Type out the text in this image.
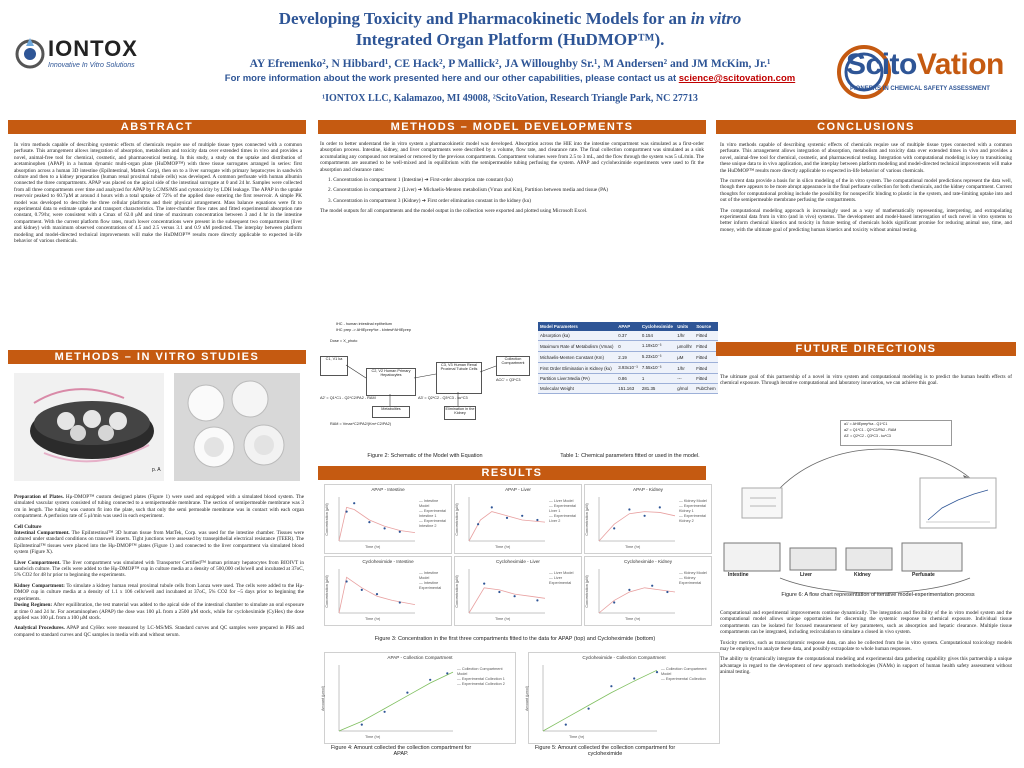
IONTOX
Innovative In Vitro Solutions
Developing Toxicity and Pharmacokinetic Models for an in vitro
Integrated Organ Platform (HuDMOP™).
AY Efremenko², N Hibbard¹, CE Hack², P Mallick², JA Willoughby Sr.¹, M Andersen² and JM McKim, Jr.¹
For more information about the work presented here and our other capabilities, please contact us at science@scitovation.com
¹IONTOX LLC, Kalamazoo, MI 49008, ²ScitoVation, Research Triangle Park, NC 27713
ScitoVation
PIONEERS IN CHEMICAL SAFETY ASSESSMENT
ABSTRACT
In vitro methods capable of describing systemic effects of chemicals require use of multiple tissue types connected with a common perfusate. This arrangement allows integration of absorption, metabolism and toxicity data over extended times in vivo and provides a novel, animal-free tool for chemical, cosmetic, and pharmaceutical testing. In this study, a study on the uptake and distribution of acetaminophen (APAP) in a human dynamic multi-organ plate (HuDMOP™) with three tissue surrogates arranged in series: first absorption across a human 3D intestine (EpiIntestinal, Mattek Corp), then on to a liver surrogate with primary hepatocytes in sandwich culture and then to a kidney preparation (human renal proximal tubule cells) was developed. A common perfusate with human albumin connected the three compartments. APAP was placed on the apical side of the intestinal surrogate at 0 and 24 hr. Samples were collected from all three compartments over time and analyzed for APAP by LC/MS/MS and cytotoxicity by LDH leakage. The APAP in the uptake reservoir peaked to 60.7μM at around 4 hours with a total uptake of 72% of the applied dose entering the first reservoir. A simple PK model was developed to describe the three cellular platforms and their physical arrangement. Mass balance equations were fit to experimental data to estimate uptake and transport characteristics. The inter-chamber flow rates and fitted experimental absorption rate constant, 0.79/hr, were consistent with a Cmax of 62.0 μM and time of maximum concentration between 3 and 4 hr in the intestine compartment. With the current platform flow rates, much lower concentrations were present in the subsequent two compartments (liver and kidney) with maximum observed concentrations of 4.5 and 2.5 versus 3.1 and 0.9 uM predicted. The interplay between platform modeling and model-directed technical improvements will make the HuDMOP™ results more directly applicable to expected in-life behavior of various chemicals.
METHODS – IN VITRO STUDIES
p. A

Preparation of Plates. Hμ-DMOP™ custom designed plates (Figure 1) were used and equipped with a simulated blood system. The simulated vascular system consisted of tubing connected to a semipermeable membrane. The section of semipermeable membrane was 3 cm in length. The tubing was custom fit into the plate, such that only the semi permeable membrane was in contact with each organ compartment. A perfusion rate of 5 μl/min was used in each experiment.

Cell Culture

Intestinal Compartment. The EpiIntestinal™ 3D human tissue from MatTek, Corp. was used for the intestine chamber. Tissues were cultured under standard conditions on transwell inserts. Tight junctions were assessed by transepithelial electrical resistance (TEER). The EpiIntestinal™ tissues were placed into the Hμ-DMOP™ plates (Figure 1) and connected to the liver compartment via simulated blood system (Figure X).

Liver Compartment. The liver compartment was simulated with Transporter Certified™ human primary hepatocytes from BIOIVT in sandwich culture. The cells were added to the Hμ-DMOP™ cup in culture media at a density of 500,000 cells/well and incubated at 37oC, 5% CO2 for 48 hr prior to beginning the experiments.

Kidney Compartment: To simulate a kidney human renal proximal tubule cells from Lonza were used. The cells were added to the Hμ-DMOP cup in culture media at a density of 1.1 x 106 cells/well and incubated at 37oC, 5% CO2 for ~5 days prior to beginning the experiments.

Dosing Regimen: After equilibration, the test material was added to the apical side of the intestinal chamber to simulate an oral exposure at time 0 and 24 hr. For acetaminophen (APAP) the dose was 100 μL from a 2500 μM stock, while for cycloheximide (CyHex) the dose applied was 100 μL from a 100 μM stock.

Analytical Procedures. APAP and CyHex were measured by LC-MS/MS. Standard curves and QC samples were prepared in PBS and compared to standard curves and QC samples in media with and without serum.

METHODS – MODEL DEVELOPMENTS

In order to better understand the in vitro system a pharmacokinetic model was developed. Absorption across the HIE into the intestine compartment was simulated as a first-order absorption process. Intestine, kidney, and liver compartments were described by a volume, flow rate, and clearance rate. The final collection compartment was simulated as a sink accumulating any compound not retained or removed by the previous compartments. Compartment volumes were from 2.5 to 3 mL, and the flow through the system was 5 uL/min. The compartments are assumed to be well-mixed and in equilibrium with the semipermeable tubing perfusing the system. APAP and cycloheximide experiments were used to fit the absorption and clearance rates:

1. Concentration in compartment 1 (Intestine) ➔ First-order absorption rate constant (ka)

2. Concentration in compartment 2 (Liver) ➔ Michaelis-Menten metabolism (Vmax and Km), Partition between media and tissue (PA)

3. Concentration in compartment 3 (Kidney) ➔ First order elimination constant in the kidney (ku)

The model outputs for all compartments and the model output in the collection were exported and plotted using Microsoft Excel.

IHC - human intestinal epithelium
IHC prep -> AHIEprep*ke - kIntest*AHIEprep
Dose = X_photo
C1, V1 ka
C2, V2 Human Primary Hepatocytes
C3, V3 Human Renal Proximal Tubule Cells
Collection Compartment
Metabolites	Elimination in the Kidney
A2' = Q1*C1 - Q2*C2/PA2 - RAM	A3' = Q2*C2 - Q3*C3 - ku*C3
RAM = Vmax*C2/PA2/(Km+C2/PA2)
ACC' = Q3*C3
Figure 2: Schematic of the Model with Equation
Model Parameters	APAP	Cycloheximide	Units	Source
Absorption (ka)	0.37	0.154	1/hr	Fitted
Maximum Rate of Metabolism (Vmax)	0	1.19x10⁻³	μmol/hr	Fitted
Michaelis-Menten Constant (Km)	2.19	5.23x10⁻³	μM	Fitted
First Order Elimination in Kidney (ku)	3.93x10⁻³	7.55x10⁻³	1/hr	Fitted
Partition Liver:Media (PA)	0.86	1	---	Fitted
Molecular Weight	151.163	281.35	g/mol	PubChem
Table 1: Chemical parameters fitted or used in the model.
RESULTS
APAP - Intestine
Time (hr)
Concentration (μM)
— Intestine Model
— Experimental Intestine 1
— Experimental Intestine 2
APAP - Liver
Time (hr)
Concentration (μM)
— Liver Model
— Experimental Liver 1
— Experimental Liver 2
APAP - Kidney
Time (hr)
Concentration (μM)
— Kidney Model
— Experimental Kidney 1
— Experimental Kidney 2
Cycloheximide - Intestine
Time (hr)
Concentration (μM)
— Intestine Model
— Intestine Experimental
Cycloheximide - Liver
Time (hr)
Concentration (μM)
— Liver Model
— Liver Experimental
Cycloheximide - Kidney
Time (hr)
Concentration (μM)
— Kidney Model
— Kidney Experimental
APAP - Collection Compartment
Time (hr)
Amount (μmol)
— Collection Compartment Model
— Experimental Collection 1
— Experimental Collection 2
Cycloheximide - Collection Compartment
Time (hr)
Amount (μmol)
— Collection Compartment Model
— Experimental Collection
Figure 3: Concentration in the first three compartments fitted to the data for APAP (top) and Cycloheximide (bottom)
Figure 4: Amount collected the collection compartment for APAP.
Figure 5: Amount collected the collection compartment for cycloheximide
CONCLUSIONS

In vitro methods capable of describing systemic effects of chemicals require use of multiple tissue types connected with a common perfusate. This arrangement allows integration of absorption, metabolism and toxicity data over extended times in vivo and provides a novel, animal-free tool for chemical, cosmetic, and pharmaceutical testing. Integration with computational modeling is key to transitioning these unique data to in vivo application, and the interplay between platform modeling and model-directed technical improvements will make the HuDMOP™ results more directly applicable to expected in-life behavior of various chemicals.

The current data provide a basis for in silico modeling of the in vitro system. The computational model predictions represent the data well, though there appears to be more abrupt appearance in the final perfusate collection for both chemicals, and the kidney compartment. Current thoughts for computational probing include the possibility for nonspecific binding to plastic in the system, and rate-limiting uptake into and out of the semipermeable membrane perfusing the compartments.

The computational modeling approach is increasingly used as a way of mathematically representing, interpreting, and extrapolating experimental data from in vitro (and in vivo) systems. The development and model-based interrogation of such novel in vitro systems to better inform chemical kinetics and toxicity in future testing of chemicals holds significant promise for reducing animal use, time, and money, with the ultimate goal of predicting human kinetics and toxicity without animal testing.

FUTURE DIRECTIONS
The ultimate goal of this partnership of a novel in vitro system and computational modeling is to predict the human health effects of chemical exposure. Through iterative computational and laboratory innovation, we can achieve this goal.
a1' = AHIEprep*ka - Q1*C1
a2' = Q1*C1 - Q2*C2/PA2 - RAM
A3' = Q2*C2 - Q3*C3 - ku*C3
Intestine	Liver	Kidney	Perfusate
Figure 6: A flow chart representation of iterative model-experimentation process

Computational and experimental improvements continue dynamically. The integration and flexibility of the in vitro model system and the computational model allows unique opportunities for discerning the systemic response to chemical exposure. Individual tissue compartments can be isolated for focused measurement of key parameters, such as absorption and hepatic clearance. Multiple tissue compartments can be integrated, including recirculation to simulate a closed in vivo system.

Toxicity metrics, such as transcriptomic response data, can also be collected from the in vitro system. Computational toxicology models may be employed to analyze these data, and possibly extrapolate to whole human responses.

The ability to dynamically integrate the computational modeling and experimental data gathering capability gives this partnership a unique advantage in regard to the development of new approach methodologies (NAMs) in support of human health safety assessment without animal testing.
